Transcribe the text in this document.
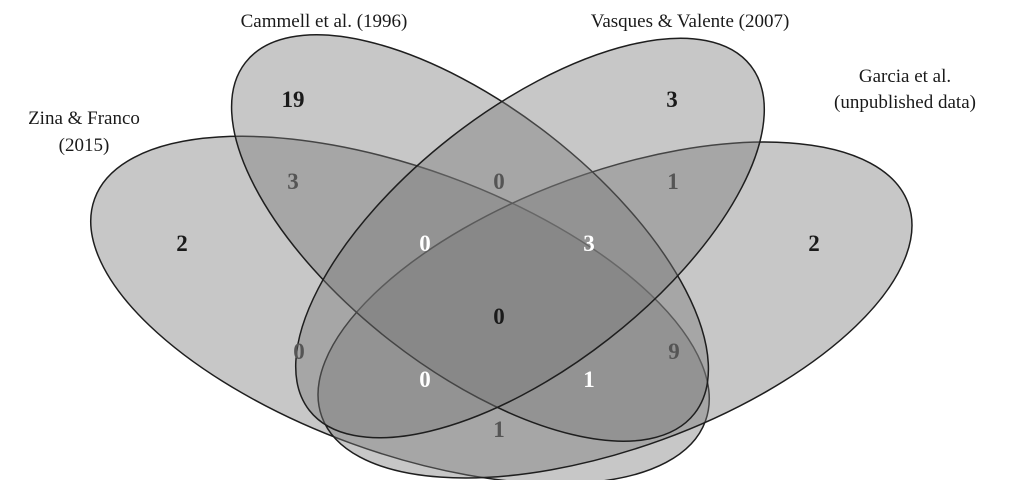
Cammell et al. (1996)	Vasques & Valente (2007)
Garcia et al.
(unpublished data)
Zina & Franco
(2015)
19	3
2
2
3	0	1
0	3
0
0	9
0	1
1
